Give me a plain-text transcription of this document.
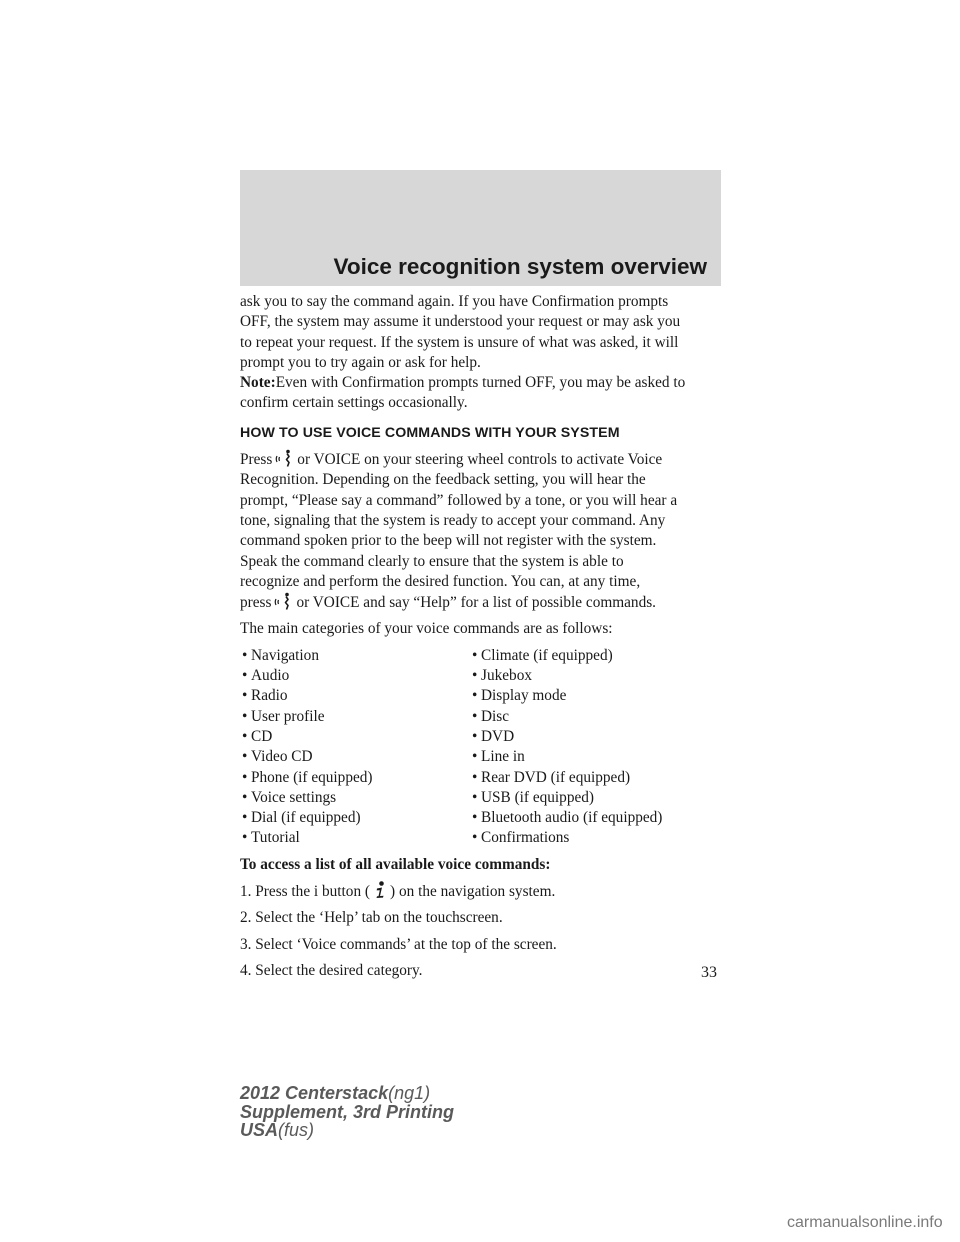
Voice recognition system overview

ask you to say the command again. If you have Confirmation prompts

OFF, the system may assume it understood your request or may ask you

to repeat your request. If the system is unsure of what was asked, it will

prompt you to try again or ask for help.

Note:Even with Confirmation prompts turned OFF, you may be asked to

confirm certain settings occasionally.

HOW TO USE VOICE COMMANDS WITH YOUR SYSTEM

Press or VOICE on your steering wheel controls to activate Voice

Recognition. Depending on the feedback setting, you will hear the

prompt, “Please say a command” followed by a tone, or you will hear a

tone, signaling that the system is ready to accept your command. Any

command spoken prior to the beep will not register with the system.

Speak the command clearly to ensure that the system is able to

recognize and perform the desired function. You can, at any time,

press or VOICE and say “Help” for a list of possible commands.

The main categories of your voice commands are as follows:

• Navigation	• Climate (if equipped)
• Audio	• Jukebox
• Radio	• Display mode
• User profile	• Disc
• CD	• DVD
• Video CD	• Line in
• Phone (if equipped)	• Rear DVD (if equipped)
• Voice settings	• USB (if equipped)
• Dial (if equipped)	• Bluetooth audio (if equipped)
• Tutorial	• Confirmations

To access a list of all available voice commands:

1. Press the i button ( ) on the navigation system.

2. Select the ‘Help’ tab on the touchscreen.

3. Select ‘Voice commands’ at the top of the screen.

4. Select the desired category.	33
2012 Centerstack(ng1)
Supplement, 3rd Printing
USA(fus)
carmanualsonline.info
